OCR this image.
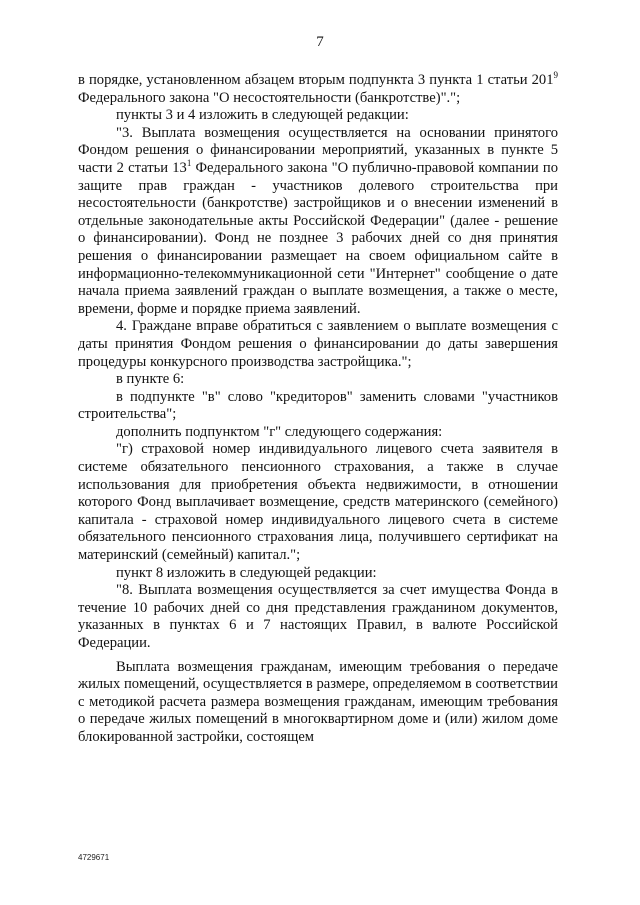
7

в порядке, установленном абзацем вторым подпункта 3 пункта 1 статьи $201^9$ Федерального закона "О несостоятельности (банкротстве)".";

пункты 3 и 4 изложить в следующей редакции:

"3. Выплата возмещения осуществляется на основании принятого Фондом решения о финансировании мероприятий, указанных в пункте 5 части 2 статьи $13^1$ Федерального закона "О публично-правовой компании по защите прав граждан - участников долевого строительства при несостоятельности (банкротстве) застройщиков и о внесении изменений в отдельные законодательные акты Российской Федерации" (далее - решение о финансировании). Фонд не позднее 3 рабочих дней со дня принятия решения о финансировании размещает на своем официальном сайте в информационно-телекоммуникационной сети "Интернет" сообщение о дате начала приема заявлений граждан о выплате возмещения, а также о месте, времени, форме и порядке приема заявлений.

4. Граждане вправе обратиться с заявлением о выплате возмещения с даты принятия Фондом решения о финансировании до даты завершения процедуры конкурсного производства застройщика.";

в пункте 6:

в подпункте "в" слово "кредиторов" заменить словами "участников строительства";

дополнить подпунктом "г" следующего содержания:

"г) страховой номер индивидуального лицевого счета заявителя в системе обязательного пенсионного страхования, а также в случае использования для приобретения объекта недвижимости, в отношении которого Фонд выплачивает возмещение, средств материнского (семейного) капитала - страховой номер индивидуального лицевого счета в системе обязательного пенсионного страхования лица, получившего сертификат на материнский (семейный) капитал.";

пункт 8 изложить в следующей редакции:

"8. Выплата возмещения осуществляется за счет имущества Фонда в течение 10 рабочих дней со дня представления гражданином документов, указанных в пунктах 6 и 7 настоящих Правил, в валюте Российской Федерации.

Выплата возмещения гражданам, имеющим требования о передаче жилых помещений, осуществляется в размере, определяемом в соответствии с методикой расчета размера возмещения гражданам, имеющим требования о передаче жилых помещений в многоквартирном доме и (или) жилом доме блокированной застройки, состоящем

4729671
